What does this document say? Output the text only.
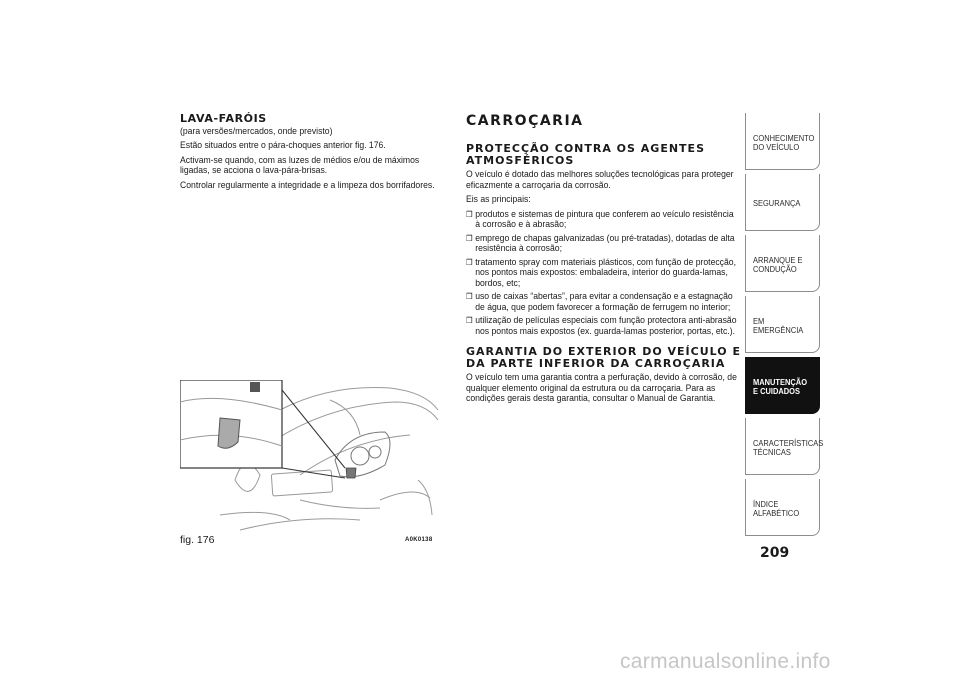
LAVA-FARÓIS

(para versões/mercados, onde previsto)

Estão situados entre o pára-choques anterior fig. 176.

Activam-se quando, com as luzes de médios e/ou de máximos ligadas, se acciona o lava-pára-brisas.

Controlar regularmente a integridade e a limpeza dos borrifadores.

fig. 176	A0K0138
CARROÇARIA
PROTECÇÃO CONTRA OS AGENTES ATMOSFÉRICOS

O veículo é dotado das melhores soluções tecnológicas para proteger eficazmente a carroçaria da corrosão.

Eis as principais:

❒ produtos e sistemas de pintura que conferem ao veículo resistência à corrosão e à abrasão;
❒ emprego de chapas galvanizadas (ou pré-tratadas), dotadas de alta resistência à corrosão;
❒ tratamento spray com materiais plásticos, com função de protecção, nos pontos mais expostos: embaladeira, interior do guarda-lamas, bordos, etc;
❒ uso de caixas “abertas”, para evitar a condensação e a estagnação de água, que podem favorecer a formação de ferrugem no interior;
❒ utilização de películas especiais com função protectora anti-abrasão nos pontos mais expostos (ex. guarda-lamas posterior, portas, etc.).
GARANTIA DO EXTERIOR DO VEÍCULO E DA PARTE INFERIOR DA CARROÇARIA

O veículo tem uma garantia contra a perfuração, devido à corrosão, de qualquer elemento original da estrutura ou da carroçaria. Para as condições gerais desta garantia, consultar o Manual de Garantia.

CONHECIMENTO DO VEÍCULO
SEGURANÇA
ARRANQUE E CONDUÇÃO
EM EMERGÊNCIA
MANUTENÇÃO E CUIDADOS
CARACTERÍSTICAS TÉCNICAS
ÍNDICE ALFABÉTICO
209
carmanualsonline.info
